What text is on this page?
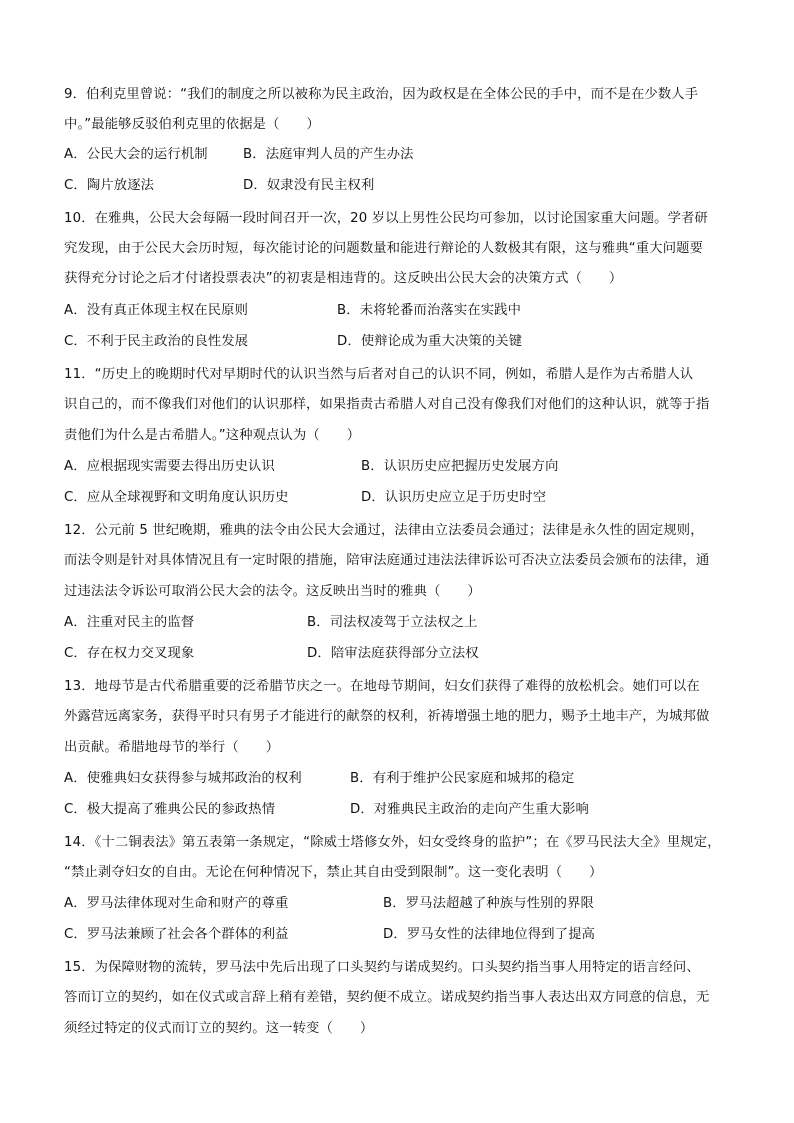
9．伯利克里曾说：“我们的制度之所以被称为民主政治，因为政权是在全体公民的手中，而不是在少数人手
中。”最能够反驳伯利克里的依据是（　　）
A．公民大会的运行机制	B．法庭审判人员的产生办法
C．陶片放逐法	D．奴隶没有民主权利
10．在雅典，公民大会每隔一段时间召开一次，20 岁以上男性公民均可参加，以讨论国家重大问题。学者研
究发现，由于公民大会历时短，每次能讨论的问题数量和能进行辩论的人数极其有限，这与雅典“重大问题要
获得充分讨论之后才付诸投票表决”的初衷是相违背的。这反映出公民大会的决策方式（　　）
A．没有真正体现主权在民原则	B．未将轮番而治落实在实践中
C．不利于民主政治的良性发展	D．使辩论成为重大决策的关键
11．“历史上的晚期时代对早期时代的认识当然与后者对自己的认识不同，例如，希腊人是作为古希腊人认
识自己的，而不像我们对他们的认识那样，如果指责古希腊人对自己没有像我们对他们的这种认识，就等于指
责他们为什么是古希腊人。”这种观点认为（　　）
A．应根据现实需要去得出历史认识	B．认识历史应把握历史发展方向
C．应从全球视野和文明角度认识历史	D．认识历史应立足于历史时空
12．公元前 5 世纪晚期，雅典的法令由公民大会通过，法律由立法委员会通过；法律是永久性的固定规则，
而法令则是针对具体情况且有一定时限的措施，陪审法庭通过违法法律诉讼可否决立法委员会颁布的法律，通
过违法法令诉讼可取消公民大会的法令。这反映出当时的雅典（　　）
A．注重对民主的监督	B．司法权凌驾于立法权之上
C．存在权力交叉现象	D．陪审法庭获得部分立法权
13．地母节是古代希腊重要的泛希腊节庆之一。在地母节期间，妇女们获得了难得的放松机会。她们可以在
外露营远离家务，获得平时只有男子才能进行的献祭的权利，祈祷增强土地的肥力，赐予土地丰产，为城邦做
出贡献。希腊地母节的举行（　　）
A．使雅典妇女获得参与城邦政治的权利	B．有利于维护公民家庭和城邦的稳定
C．极大提高了雅典公民的参政热情	D．对雅典民主政治的走向产生重大影响
14．《十二铜表法》第五表第一条规定，“除威士塔修女外，妇女受终身的监护”；在《罗马民法大全》里规定，
“禁止剥夺妇女的自由。无论在何种情况下，禁止其自由受到限制”。这一变化表明（　　）
A．罗马法律体现对生命和财产的尊重	B．罗马法超越了种族与性别的界限
C．罗马法兼顾了社会各个群体的利益	D．罗马女性的法律地位得到了提高
15．为保障财物的流转，罗马法中先后出现了口头契约与诺成契约。口头契约指当事人用特定的语言经问、
答而订立的契约，如在仪式或言辞上稍有差错，契约便不成立。诺成契约指当事人表达出双方同意的信息，无
须经过特定的仪式而订立的契约。这一转变（　　）
